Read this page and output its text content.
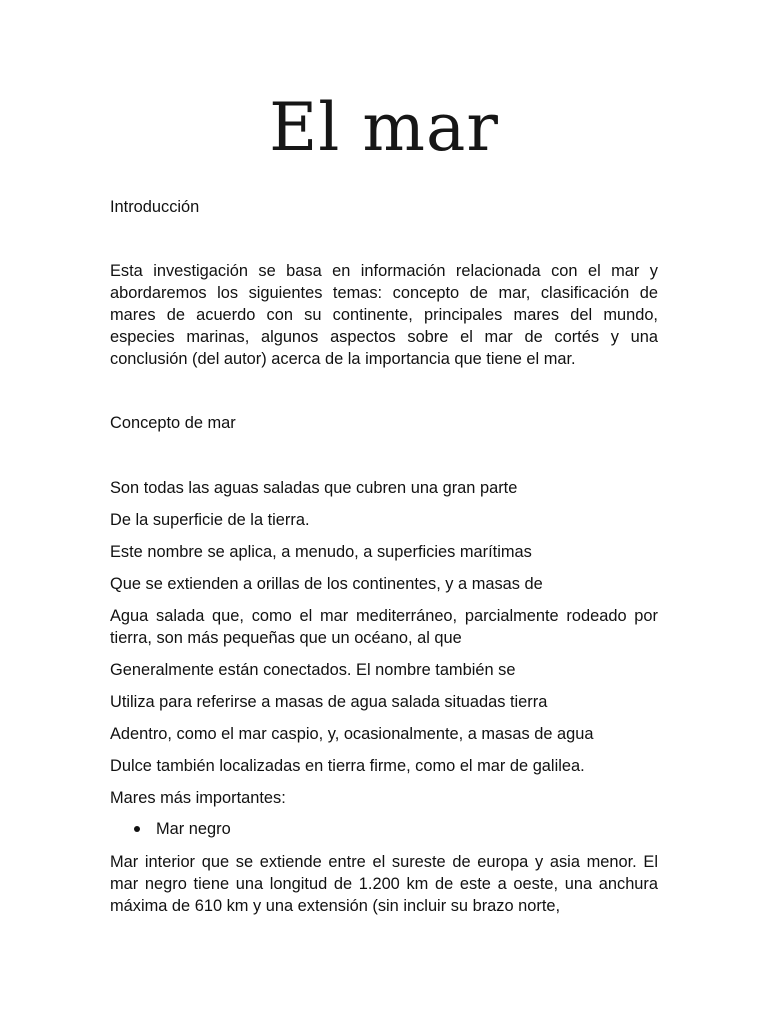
El mar

Introducción

Esta investigación se basa en información relacionada con el mar y abordaremos los siguientes temas: concepto de mar, clasificación de mares de acuerdo con su continente, principales mares del mundo, especies marinas, algunos aspectos sobre el mar de cortés y una conclusión (del autor) acerca de la importancia que tiene el mar.

Concepto de mar

Son todas las aguas saladas que cubren una gran parte

De la superficie de la tierra.

Este nombre se aplica, a menudo, a superficies marítimas

Que se extienden a orillas de los continentes, y a masas de

Agua salada que, como el mar mediterráneo, parcialmente rodeado por tierra, son más pequeñas que un océano, al que

Generalmente están conectados. El nombre también se

Utiliza para referirse a masas de agua salada situadas tierra

Adentro, como el mar caspio, y, ocasionalmente, a masas de agua

Dulce también localizadas en tierra firme, como el mar de galilea.

Mares más importantes:

Mar negro

Mar interior que se extiende entre el sureste de europa y asia menor. El mar negro tiene una longitud de 1.200 km de este a oeste, una anchura máxima de 610 km y una extensión (sin incluir su brazo norte,
